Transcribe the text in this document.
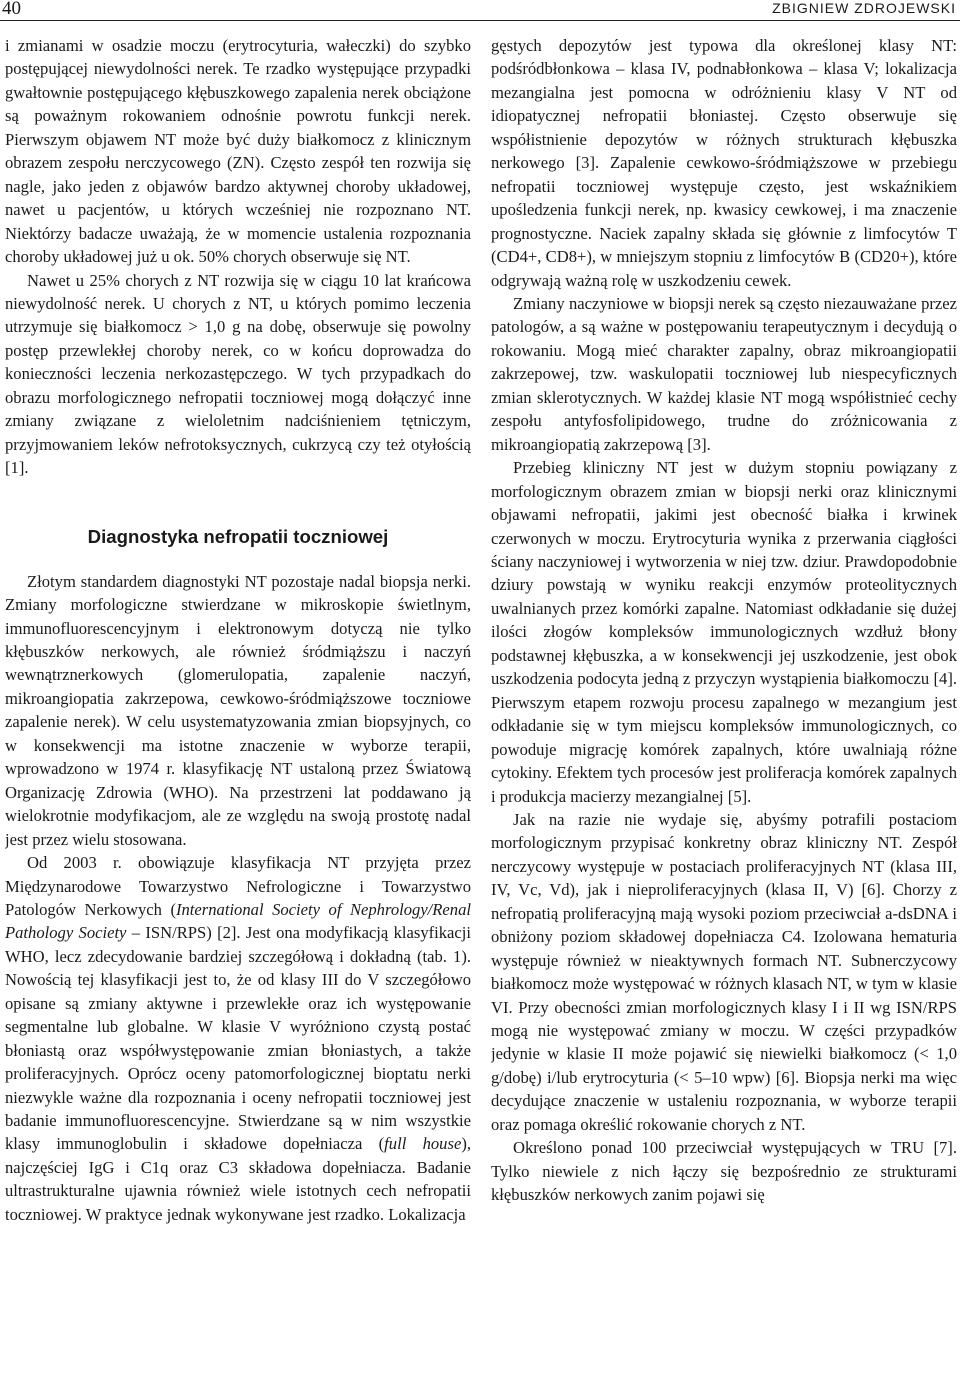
40	ZBIGNIEW ZDROJEWSKI

i zmianami w osadzie moczu (erytrocyturia, wałeczki) do szybko postępującej niewydolności nerek. Te rzadko występujące przypadki gwałtownie postępującego kłębuszkowego zapalenia nerek obciążone są poważnym rokowaniem odnośnie powrotu funkcji nerek. Pierwszym objawem NT może być duży białkomocz z klinicznym obrazem zespołu nerczycowego (ZN). Często zespół ten rozwija się nagle, jako jeden z objawów bardzo aktywnej choroby układowej, nawet u pacjentów, u których wcześniej nie rozpoznano NT. Niektórzy badacze uważają, że w momencie ustalenia rozpoznania choroby układowej już u ok. 50% chorych obserwuje się NT.

Nawet u 25% chorych z NT rozwija się w ciągu 10 lat krańcowa niewydolność nerek. U chorych z NT, u których pomimo leczenia utrzymuje się białkomocz > 1,0 g na dobę, obserwuje się powolny postęp przewlekłej choroby nerek, co w końcu doprowadza do konieczności leczenia nerkozastępczego. W tych przypadkach do obrazu morfologicznego nefropatii toczniowej mogą dołączyć inne zmiany związane z wieloletnim nadciśnieniem tętniczym, przyjmowaniem leków nefrotoksycznych, cukrzycą czy też otyłością [1].

Diagnostyka nefropatii toczniowej

Złotym standardem diagnostyki NT pozostaje nadal biopsja nerki. Zmiany morfologiczne stwierdzane w mikroskopie świetlnym, immunofluorescencyjnym i elektronowym dotyczą nie tylko kłębuszków nerkowych, ale również śródmiąższu i naczyń wewnątrznerkowych (glomerulopatia, zapalenie naczyń, mikroangiopatia zakrzepowa, cewkowo-śródmiąższowe toczniowe zapalenie nerek). W celu usystematyzowania zmian biopsyjnych, co w konsekwencji ma istotne znaczenie w wyborze terapii, wprowadzono w 1974 r. klasyfikację NT ustaloną przez Światową Organizację Zdrowia (WHO). Na przestrzeni lat poddawano ją wielokrotnie modyfikacjom, ale ze względu na swoją prostotę nadal jest przez wielu stosowana.

Od 2003 r. obowiązuje klasyfikacja NT przyjęta przez Międzynarodowe Towarzystwo Nefrologiczne i Towarzystwo Patologów Nerkowych (International Society of Nephrology/Renal Pathology Society – ISN/RPS) [2]. Jest ona modyfikacją klasyfikacji WHO, lecz zdecydowanie bardziej szczegółową i dokładną (tab. 1). Nowością tej klasyfikacji jest to, że od klasy III do V szczegółowo opisane są zmiany aktywne i przewlekłe oraz ich występowanie segmentalne lub globalne. W klasie V wyróżniono czystą postać błoniastą oraz współwystępowanie zmian błoniastych, a także proliferacyjnych. Oprócz oceny patomorfologicznej bioptatu nerki niezwykle ważne dla rozpoznania i oceny nefropatii toczniowej jest badanie immunofluorescencyjne. Stwierdzane są w nim wszystkie klasy immunoglobulin i składowe dopełniacza (full house), najczęściej IgG i C1q oraz C3 składowa dopełniacza. Badanie ultrastrukturalne ujawnia również wiele istotnych cech nefropatii toczniowej. W praktyce jednak wykonywane jest rzadko. Lokalizacja

gęstych depozytów jest typowa dla określonej klasy NT: podśródbłonkowa – klasa IV, podnabłonkowa – klasa V; lokalizacja mezangialna jest pomocna w odróżnieniu klasy V NT od idiopatycznej nefropatii błoniastej. Często obserwuje się współistnienie depozytów w różnych strukturach kłębuszka nerkowego [3]. Zapalenie cewkowo-śródmiąższowe w przebiegu nefropatii toczniowej występuje często, jest wskaźnikiem upośledzenia funkcji nerek, np. kwasicy cewkowej, i ma znaczenie prognostyczne. Naciek zapalny składa się głównie z limfocytów T (CD4+, CD8+), w mniejszym stopniu z limfocytów B (CD20+), które odgrywają ważną rolę w uszkodzeniu cewek.

Zmiany naczyniowe w biopsji nerek są często niezauważane przez patologów, a są ważne w postępowaniu terapeutycznym i decydują o rokowaniu. Mogą mieć charakter zapalny, obraz mikroangiopatii zakrzepowej, tzw. waskulopatii toczniowej lub niespecyficznych zmian sklerotycznych. W każdej klasie NT mogą współistnieć cechy zespołu antyfosfolipidowego, trudne do zróżnicowania z mikroangiopatią zakrzepową [3].

Przebieg kliniczny NT jest w dużym stopniu powiązany z morfologicznym obrazem zmian w biopsji nerki oraz klinicznymi objawami nefropatii, jakimi jest obecność białka i krwinek czerwonych w moczu. Erytrocyturia wynika z przerwania ciągłości ściany naczyniowej i wytworzenia w niej tzw. dziur. Prawdopodobnie dziury powstają w wyniku reakcji enzymów proteolitycznych uwalnianych przez komórki zapalne. Natomiast odkładanie się dużej ilości złogów kompleksów immunologicznych wzdłuż błony podstawnej kłębuszka, a w konsekwencji jej uszkodzenie, jest obok uszkodzenia podocyta jedną z przyczyn wystąpienia białkomoczu [4]. Pierwszym etapem rozwoju procesu zapalnego w mezangium jest odkładanie się w tym miejscu kompleksów immunologicznych, co powoduje migrację komórek zapalnych, które uwalniają różne cytokiny. Efektem tych procesów jest proliferacja komórek zapalnych i produkcja macierzy mezangialnej [5].

Jak na razie nie wydaje się, abyśmy potrafili postaciom morfologicznym przypisać konkretny obraz kliniczny NT. Zespół nerczycowy występuje w postaciach proliferacyjnych NT (klasa III, IV, Vc, Vd), jak i nieproliferacyjnych (klasa II, V) [6]. Chorzy z nefropatią proliferacyjną mają wysoki poziom przeciwciał a-dsDNA i obniżony poziom składowej dopełniacza C4. Izolowana hematuria występuje również w nieaktywnych formach NT. Subnerczycowy białkomocz może występować w różnych klasach NT, w tym w klasie VI. Przy obecności zmian morfologicznych klasy I i II wg ISN/RPS mogą nie występować zmiany w moczu. W części przypadków jedynie w klasie II może pojawić się niewielki białkomocz (< 1,0 g/dobę) i/lub erytrocyturia (< 5–10 wpw) [6]. Biopsja nerki ma więc decydujące znaczenie w ustaleniu rozpoznania, w wyborze terapii oraz pomaga określić rokowanie chorych z NT.

Określono ponad 100 przeciwciał występujących w TRU [7]. Tylko niewiele z nich łączy się bezpośrednio ze strukturami kłębuszków nerkowych zanim pojawi się
